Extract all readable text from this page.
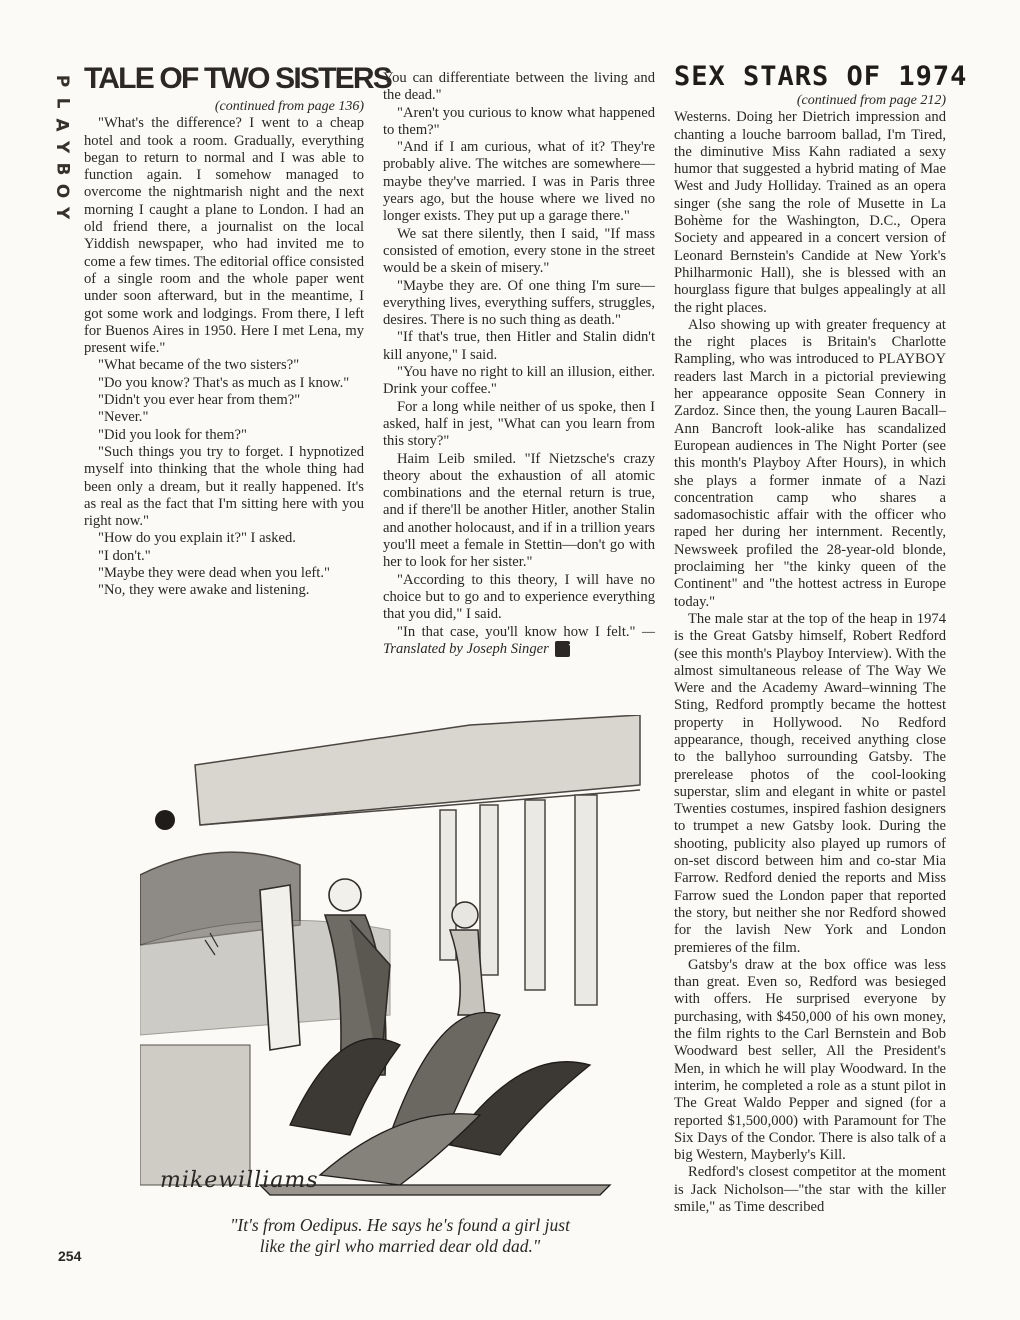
P
L
A
Y
B
O
Y
TALE OF TWO SISTERS

(continued from page 136)

"What's the difference? I went to a cheap hotel and took a room. Gradually, everything began to return to normal and I was able to function again. I somehow managed to overcome the nightmarish night and the next morning I caught a plane to London. I had an old friend there, a journalist on the local Yiddish newspaper, who had invited me to come a few times. The editorial office consisted of a single room and the whole paper went under soon afterward, but in the meantime, I got some work and lodgings. From there, I left for Buenos Aires in 1950. Here I met Lena, my present wife."

"What became of the two sisters?"

"Do you know? That's as much as I know."

"Didn't you ever hear from them?"

"Never."

"Did you look for them?"

"Such things you try to forget. I hypnotized myself into thinking that the whole thing had been only a dream, but it really happened. It's as real as the fact that I'm sitting here with you right now."

"How do you explain it?" I asked.

"I don't."

"Maybe they were dead when you left."

"No, they were awake and listening.

You can differentiate between the living and the dead."

"Aren't you curious to know what happened to them?"

"And if I am curious, what of it? They're probably alive. The witches are somewhere—maybe they've married. I was in Paris three years ago, but the house where we lived no longer exists. They put up a garage there."

We sat there silently, then I said, "If mass consisted of emotion, every stone in the street would be a skein of misery."

"Maybe they are. Of one thing I'm sure—everything lives, everything suffers, struggles, desires. There is no such thing as death."

"If that's true, then Hitler and Stalin didn't kill anyone," I said.

"You have no right to kill an illusion, either. Drink your coffee."

For a long while neither of us spoke, then I asked, half in jest, "What can you learn from this story?"

Haim Leib smiled. "If Nietzsche's crazy theory about the exhaustion of all atomic combinations and the eternal return is true, and if there'll be another Hitler, another Stalin and another holocaust, and if in a trillion years you'll meet a female in Stettin—don't go with her to look for her sister."

"According to this theory, I will have no choice but to go and to experience everything that you did," I said.

"In that case, you'll know how I felt." —Translated by Joseph Singer Y

SEX STARS OF 1974

(continued from page 212)

Westerns. Doing her Dietrich impression and chanting a louche barroom ballad, I'm Tired, the diminutive Miss Kahn radiated a sexy humor that suggested a hybrid mating of Mae West and Judy Holliday. Trained as an opera singer (she sang the role of Musette in La Bohème for the Washington, D.C., Opera Society and appeared in a concert version of Leonard Bernstein's Candide at New York's Philharmonic Hall), she is blessed with an hourglass figure that bulges appealingly at all the right places.

Also showing up with greater frequency at the right places is Britain's Charlotte Rampling, who was introduced to PLAYBOY readers last March in a pictorial previewing her appearance opposite Sean Connery in Zardoz. Since then, the young Lauren Bacall–Ann Bancroft look-alike has scandalized European audiences in The Night Porter (see this month's Playboy After Hours), in which she plays a former inmate of a Nazi concentration camp who shares a sadomasochistic affair with the officer who raped her during her internment. Recently, Newsweek profiled the 28-year-old blonde, proclaiming her "the kinky queen of the Continent" and "the hottest actress in Europe today."

The male star at the top of the heap in 1974 is the Great Gatsby himself, Robert Redford (see this month's Playboy Interview). With the almost simultaneous release of The Way We Were and the Academy Award–winning The Sting, Redford promptly became the hottest property in Hollywood. No Redford appearance, though, received anything close to the ballyhoo surrounding Gatsby. The prerelease photos of the cool-looking superstar, slim and elegant in white or pastel Twenties costumes, inspired fashion designers to trumpet a new Gatsby look. During the shooting, publicity also played up rumors of on-set discord between him and co-star Mia Farrow. Redford denied the reports and Miss Farrow sued the London paper that reported the story, but neither she nor Redford showed for the lavish New York and London premieres of the film.

Gatsby's draw at the box office was less than great. Even so, Redford was besieged with offers. He surprised everyone by purchasing, with $450,000 of his own money, the film rights to the Carl Bernstein and Bob Woodward best seller, All the President's Men, in which he will play Woodward. In the interim, he completed a role as a stunt pilot in The Great Waldo Pepper and signed (for a reported $1,500,000) with Paramount for The Six Days of the Condor. There is also talk of a big Western, Mayberly's Kill.

Redford's closest competitor at the moment is Jack Nicholson—"the star with the killer smile," as Time described

mikewilliams
"It's from Oedipus. He says he's found a girl just
like the girl who married dear old dad."
254
